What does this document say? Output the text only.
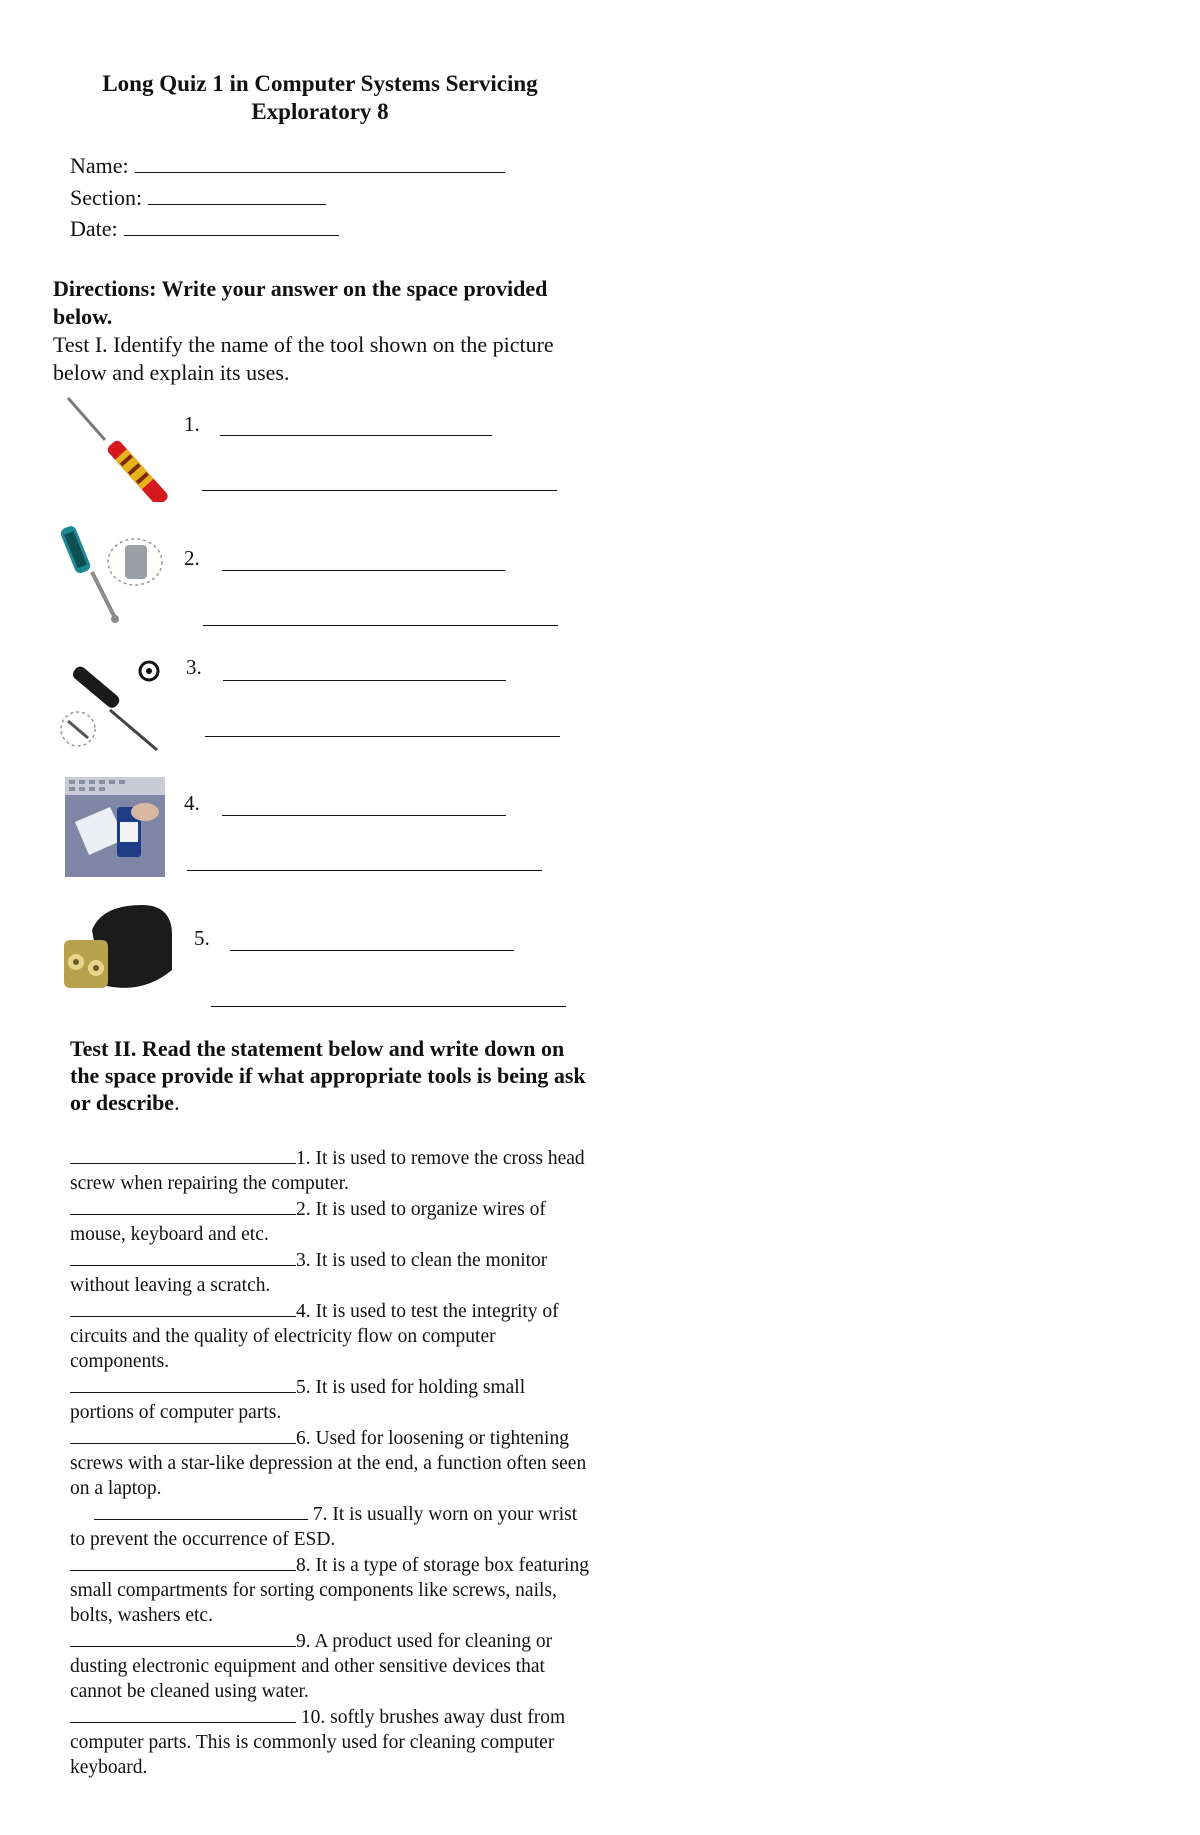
Long Quiz 1 in Computer Systems Servicing
Exploratory 8
Name:
Section:
Date:
Directions: Write your answer on the space provided below.
Test I. Identify the name of the tool shown on the picture below and explain its uses.
1.
2.
3.
4.
5.
Test II. Read the statement below and write down on the space provide if what appropriate tools is being ask or describe.

1. It is used to remove the cross head screw when repairing the computer.

2. It is used to organize wires of mouse, keyboard and etc.

3. It is used to clean the monitor without leaving a scratch.

4. It is used to test the integrity of circuits and the quality of electricity flow on computer components.

5. It is used for holding small portions of computer parts.

6. Used for loosening or tightening screws with a star-like depression at the end, a function often seen on a laptop.

7. It is usually worn on your wrist to prevent the occurrence of ESD.

8. It is a type of storage box featuring small compartments for sorting components like screws, nails, bolts, washers etc.

9. A product used for cleaning or dusting electronic equipment and other sensitive devices that cannot be cleaned using water.

10. softly brushes away dust from computer parts. This is commonly used for cleaning computer keyboard.
